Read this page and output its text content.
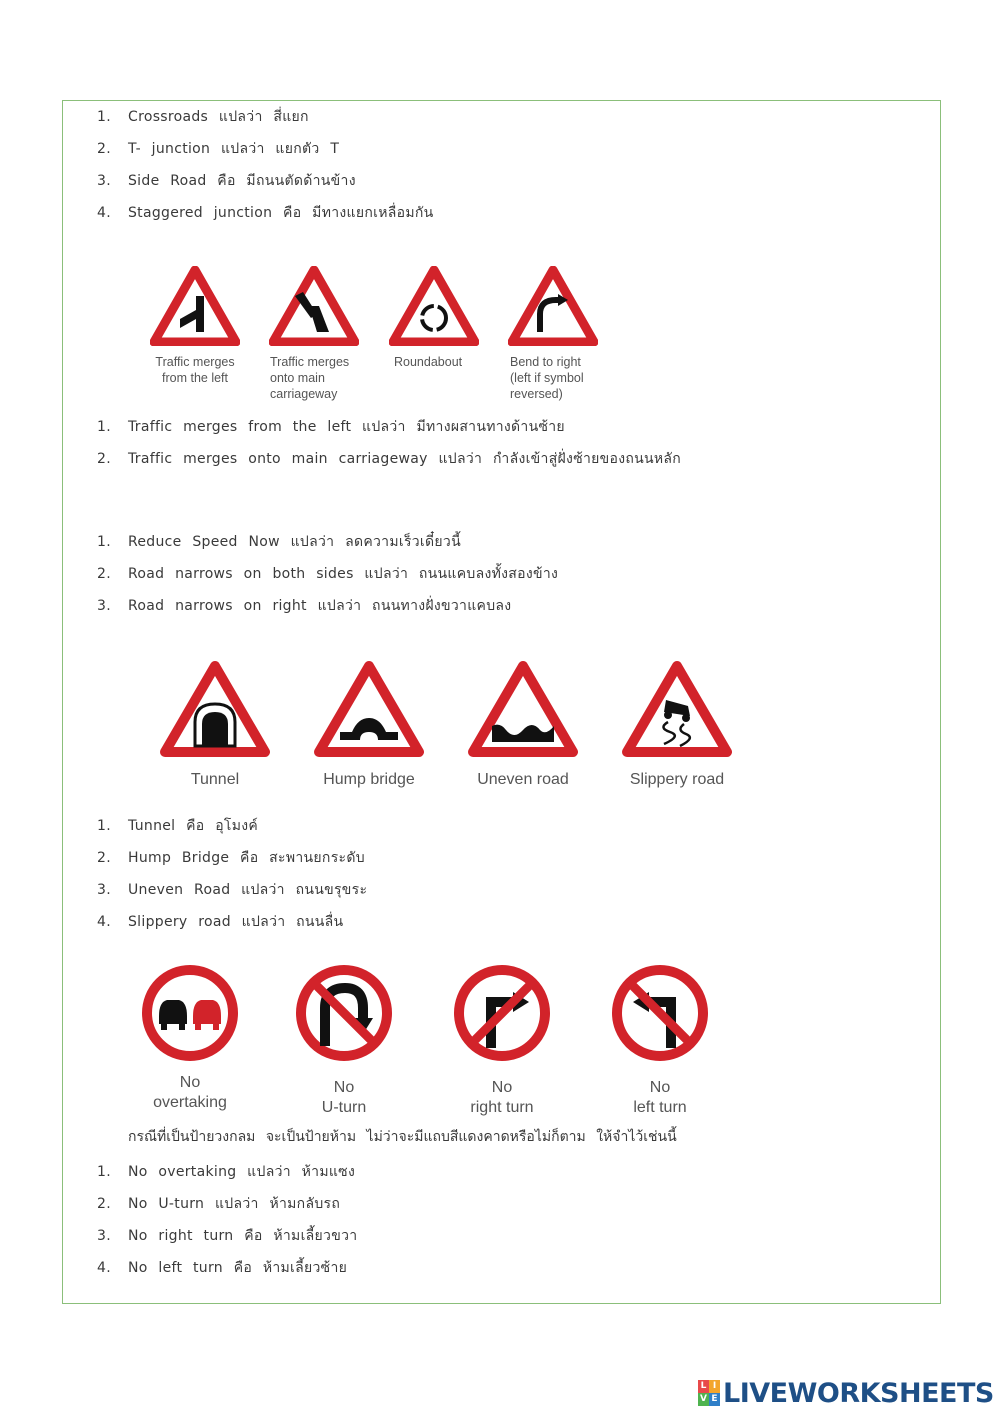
1. Crossroads แปลว่า สี่แยก
2. T- junction แปลว่า แยกตัว T
3. Side Road คือ มีถนนตัดด้านข้าง
4. Staggered junction คือ มีทางแยกเหลื่อมกัน
Traffic merges
from the left
Traffic merges
onto main
carriageway
Roundabout	Bend to right
(left if symbol
reversed)
1. Traffic merges from the left แปลว่า มีทางผสานทางด้านซ้าย
2. Traffic merges onto main carriageway แปลว่า กำลังเข้าสู่ฝั่งซ้ายของถนนหลัก
1. Reduce Speed Now แปลว่า ลดความเร็วเดี๋ยวนี้
2. Road narrows on both sides แปลว่า ถนนแคบลงทั้งสองข้าง
3. Road narrows on right แปลว่า ถนนทางฝั่งขวาแคบลง
Tunnel	Hump bridge	Uneven road	Slippery road
1. Tunnel คือ อุโมงค์
2. Hump Bridge คือ สะพานยกระดับ
3. Uneven Road แปลว่า ถนนขรุขระ
4. Slippery road แปลว่า ถนนลื่น
No
overtaking
No
U-turn
No
right turn
No
left turn
กรณีที่เป็นป้ายวงกลม จะเป็นป้ายห้าม ไม่ว่าจะมีแถบสีแดงคาดหรือไม่ก็ตาม ให้จำไว้เช่นนี้
1. No overtaking แปลว่า ห้ามแซง
2. No U-turn แปลว่า ห้ามกลับรถ
3. No right turn คือ ห้ามเลี้ยวขวา
4. No left turn คือ ห้ามเลี้ยวซ้าย
L I
V E LIVEWORKSHEETS
